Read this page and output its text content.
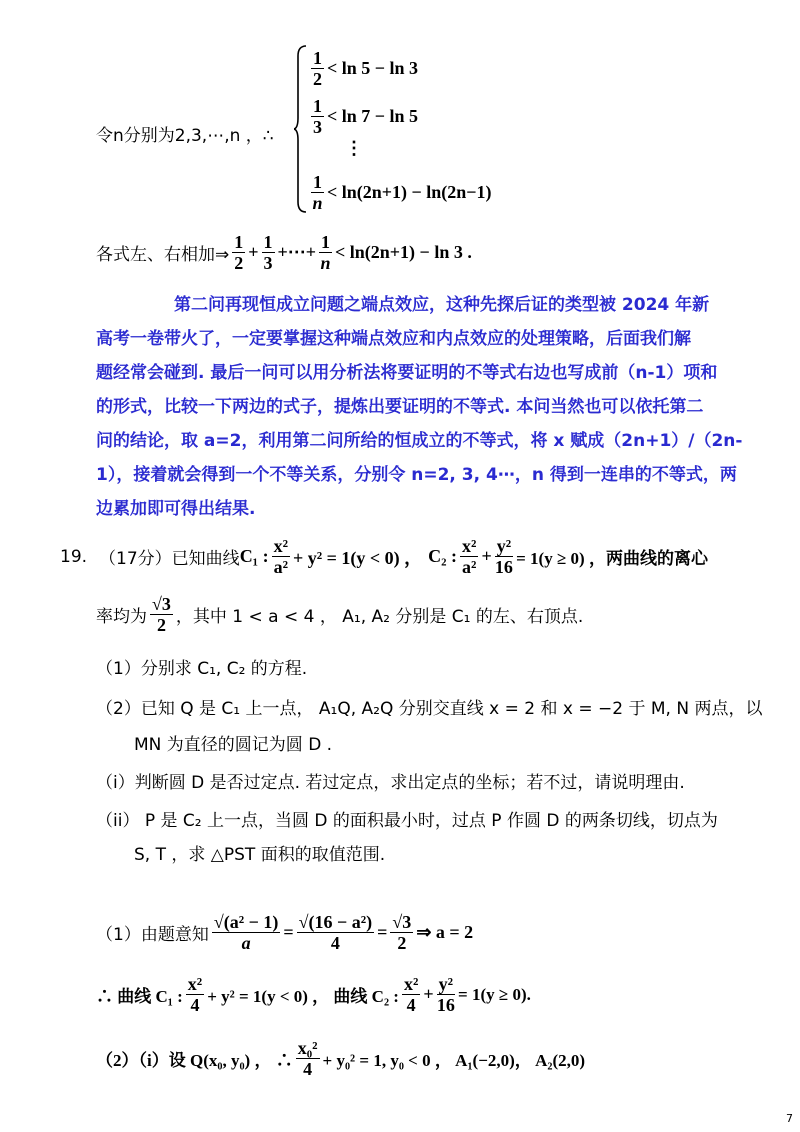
令n分别为2,3,⋯,n ，∴
$\frac{1}{2} < \ln 5 - \ln 3$
$\frac{1}{3} < \ln 7 - \ln 5$
⋮
$\frac{1}{n} < \ln(2n+1) - \ln(2n-1)$
各式左、右相加⇒ $\frac{1}{2} + \frac{1}{3}$ +⋯+ $\frac{1}{n} < \ln(2n+1) - \ln 3$ .
第二问再现恒成立问题之端点效应，这种先探后证的类型被 2024 年新
高考一卷带火了，一定要掌握这种端点效应和内点效应的处理策略，后面我们解
题经常会碰到. 最后一问可以用分析法将要证明的不等式右边也写成前（n-1）项和
的形式，比较一下两边的式子，提炼出要证明的不等式. 本问当然也可以依托第二
问的结论，取 a=2，利用第二问所给的恒成立的不等式，将 x 赋成（2n+1）/（2n-
1），接着就会得到一个不等关系，分别令 n=2, 3, 4⋯，n 得到一连串的不等式，两
边累加即可得出结果.
19. （17分）已知曲线 C₁ : $\frac{\text{x²}}{\text{a²}} + y^2 = 1(y < 0)$ ， C₂ : $\frac{\text{x²}}{\text{a²}} + \frac{\text{y²}}{16} = 1(y \ge 0)$ ，两曲线的离心
率均为 $\frac{√3}{2}$ ，其中 1 < a < 4 ， A₁, A₂ 分别是 C₁ 的左、右顶点.
（1）分别求 C₁, C₂ 的方程.
（2）已知 Q 是 C₁ 上一点， A₁Q, A₂Q 分别交直线 x = 2 和 x = −2 于 M, N 两点，以
MN 为直径的圆记为圆 D .
（i）判断圆 D 是否过定点. 若过定点，求出定点的坐标；若不过，请说明理由.
（ii） P 是 C₂ 上一点，当圆 D 的面积最小时，过点 P 作圆 D 的两条切线，切点为
S, T ，求 △PST 面积的取值范围.
（1）由题意知 $\frac{\text{√(a² − 1)}}{a} = \frac{\text{√(16 − a²)}}{4} = \frac{√3}{2}$ ⇒ a = 2
∴ 曲线 C₁ : $\frac{\text{x²}}{4} + y^2 = 1(y < 0)$ ， 曲线 C₂ : $\frac{\text{x²}}{4} + \frac{\text{y²}}{16} = 1(y \ge 0)$.
（2）（i）设 Q(x₀, y₀) ， ∴ $\frac{\text{x₀²}}{4} + y_0^2 = 1$, y₀ < 0 ， A₁(−2,0)， A₂(2,0)
7
